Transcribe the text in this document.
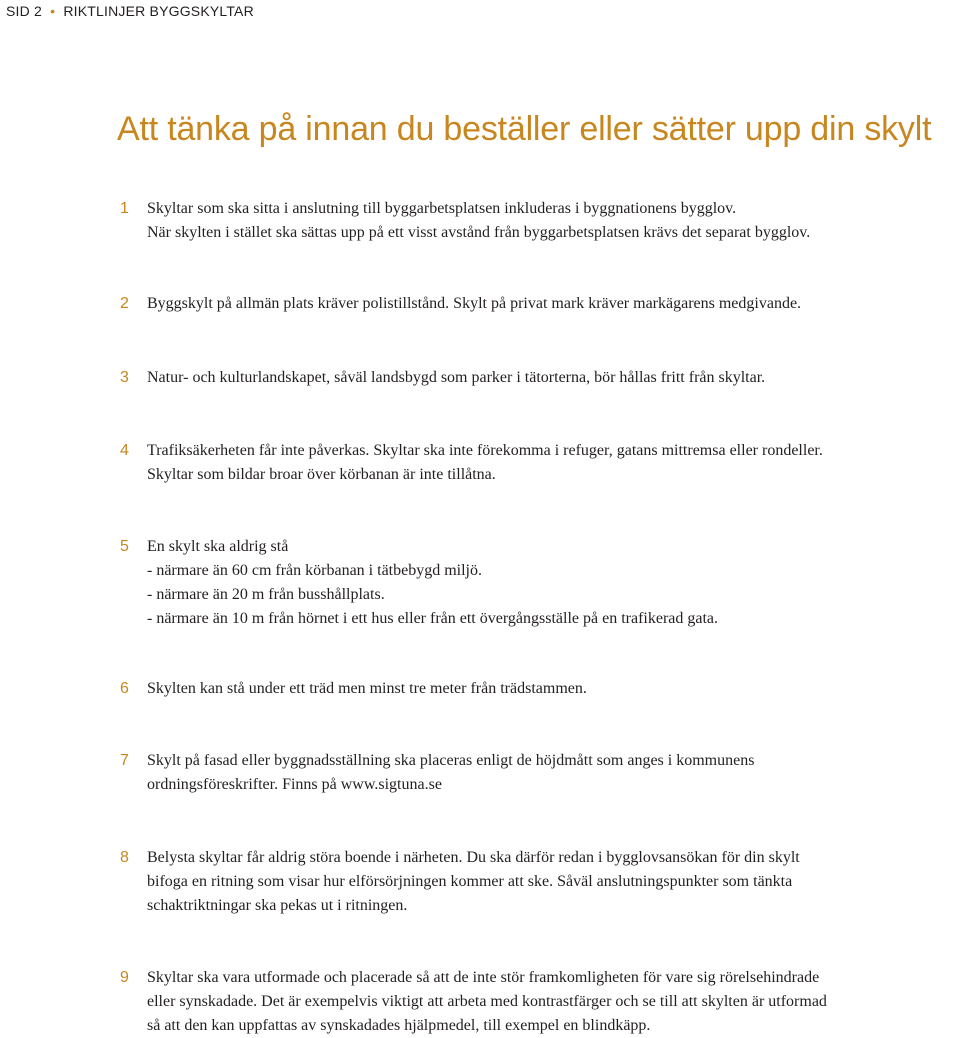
SID 2 • RIKTLINJER BYGGSKYLTAR
Att tänka på innan du beställer eller sätter upp din skylt
1 Skyltar som ska sitta i anslutning till byggarbetsplatsen inkluderas i byggnationens bygglov.
När skylten i stället ska sättas upp på ett visst avstånd från byggarbetsplatsen krävs det separat bygglov.
2 Byggskylt på allmän plats kräver polistillstånd. Skylt på privat mark kräver markägarens medgivande.
3 Natur- och kulturlandskapet, såväl landsbygd som parker i tätorterna, bör hållas fritt från skyltar.
4 Trafiksäkerheten får inte påverkas. Skyltar ska inte förekomma i refuger, gatans mittremsa eller rondeller.
Skyltar som bildar broar över körbanan är inte tillåtna.
5 En skylt ska aldrig stå
- närmare än 60 cm från körbanan i tätbebygd miljö.
- närmare än 20 m från busshållplats.
- närmare än 10 m från hörnet i ett hus eller från ett övergångsställe på en trafikerad gata.
6 Skylten kan stå under ett träd men minst tre meter från trädstammen.
7 Skylt på fasad eller byggnadsställning ska placeras enligt de höjdmått som anges i kommunens
ordningsföreskrifter. Finns på www.sigtuna.se
8 Belysta skyltar får aldrig störa boende i närheten. Du ska därför redan i bygglovsansökan för din skylt
bifoga en ritning som visar hur elförsörjningen kommer att ske. Såväl anslutningspunkter som tänkta
schaktriktningar ska pekas ut i ritningen.
9 Skyltar ska vara utformade och placerade så att de inte stör framkomligheten för vare sig rörelsehindrade
eller synskadade. Det är exempelvis viktigt att arbeta med kontrastfärger och se till att skylten är utformad
så att den kan uppfattas av synskadades hjälpmedel, till exempel en blindkäpp.
